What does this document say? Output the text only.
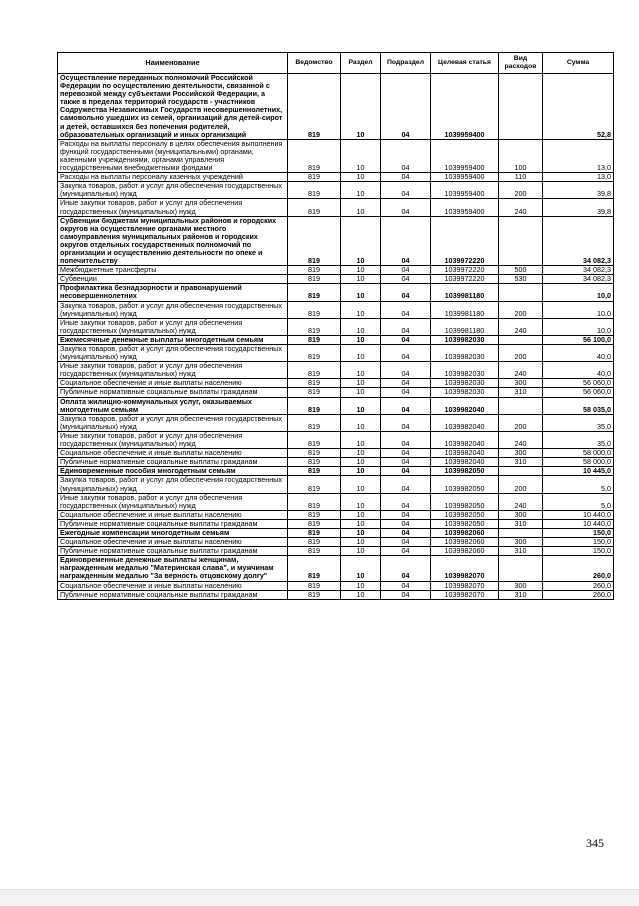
Наименование	Ведомство	Раздел	Подраздел	Целевая статья	Вид расходов	Сумма
Осуществление переданных полномочий Российской Федерации по осуществлению деятельности, связанной с перевозкой между субъектами Российской Федерации, а также в пределах территорий государств - участников Содружества Независимых Государств несовершеннолетних, самовольно ушедших из семей, организаций для детей-сирот и детей, оставшихся без попечения родителей, образовательных организаций и иных организаций	819	10	04	1039959400		52,8
Расходы на выплаты персоналу в целях обеспечения выполнения функций государственными (муниципальными) органами, казенными учреждениями, органами управления государственными внебюджетными фондами	819	10	04	1039959400	100	13,0
Расходы на выплаты персоналу казенных учреждений	819	10	04	1039959400	110	13,0
Закупка товаров, работ и услуг для обеспечения государственных (муниципальных) нужд	819	10	04	1039959400	200	39,8
Иные закупки товаров, работ и услуг для обеспечения государственных (муниципальных) нужд	819	10	04	1039959400	240	39,8
Субвенции бюджетам муниципальных районов и городских округов на осуществление органами местного самоуправления муниципальных районов и городских округов отдельных государственных полномочий по организации и осуществлению деятельности по опеке и попечительству	819	10	04	1039972220		34 082,3
Межбюджетные трансферты	819	10	04	1039972220	500	34 082,3
Субвенции	819	10	04	1039972220	530	34 082,3
Профилактика безнадзорности и правонарушений несовершеннолетних	819	10	04	1039981180		10,0
Закупка товаров, работ и услуг для обеспечения государственных (муниципальных) нужд	819	10	04	1039981180	200	10,0
Иные закупки товаров, работ и услуг для обеспечения государственных (муниципальных) нужд	819	10	04	1039981180	240	10,0
Ежемесячные денежные выплаты многодетным семьям	819	10	04	1039982030		56 100,0
Закупка товаров, работ и услуг для обеспечения государственных (муниципальных) нужд	819	10	04	1039982030	200	40,0
Иные закупки товаров, работ и услуг для обеспечения государственных (муниципальных) нужд	819	10	04	1039982030	240	40,0
Социальное обеспечение и иные выплаты населению	819	10	04	1039982030	300	56 060,0
Публичные нормативные социальные выплаты гражданам	819	10	04	1039982030	310	56 060,0
Оплата жилищно-коммунальных услуг, оказываемых многодетным семьям	819	10	04	1039982040		58 035,0
Закупка товаров, работ и услуг для обеспечения государственных (муниципальных) нужд	819	10	04	1039982040	200	35,0
Иные закупки товаров, работ и услуг для обеспечения государственных (муниципальных) нужд	819	10	04	1039982040	240	35,0
Социальное обеспечение и иные выплаты населению	819	10	04	1039982040	300	58 000,0
Публичные нормативные социальные выплаты гражданам	819	10	04	1039982040	310	58 000,0
Единовременные пособия многодетным семьям	819	10	04	1039982050		10 445,0
Закупка товаров, работ и услуг для обеспечения государственных (муниципальных) нужд	819	10	04	1039982050	200	5,0
Иные закупки товаров, работ и услуг для обеспечения государственных (муниципальных) нужд	819	10	04	1039982050	240	5,0
Социальное обеспечение и иные выплаты населению	819	10	04	1039982050	300	10 440,0
Публичные нормативные социальные выплаты гражданам	819	10	04	1039982050	310	10 440,0
Ежегодные компенсации многодетным семьям	819	10	04	1039982060		150,0
Социальное обеспечение и иные выплаты населению	819	10	04	1039982060	300	150,0
Публичные нормативные социальные выплаты гражданам	819	10	04	1039982060	310	150,0
Единовременные денежные выплаты женщинам, награжденным медалью "Материнская слава", и мужчинам награжденным медалью "За верность отцовскому долгу"	819	10	04	1039982070		260,0
Социальное обеспечение и иные выплаты населению	819	10	04	1039982070	300	260,0
Публичные нормативные социальные выплаты гражданам	819	10	04	1039982070	310	260,0
345
